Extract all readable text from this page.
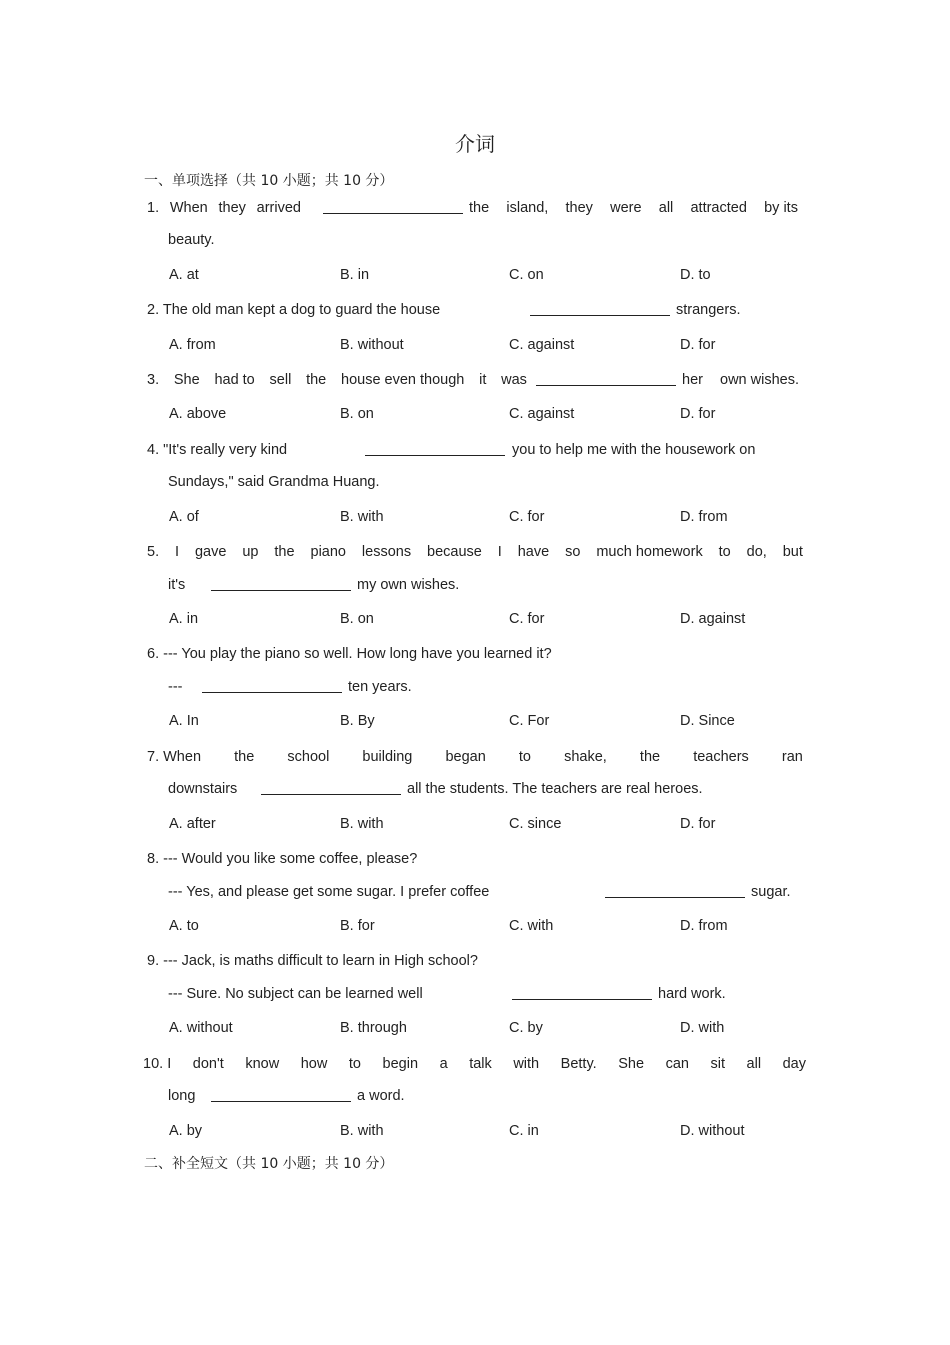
介词
一、单项选择（共 10 小题；共 10 分）
1. When they arrived	the island, they were all attracted by its
beauty.
A. at	B. in	C. on	D. to
2. The old man kept a dog to guard the house	strangers.
A. from	B. without	C. against	D. for
3. She had to sell the house even though it was	her own wishes.
A. above	B. on	C. against	D. for
4. "It's really very kind	you to help me with the housework on
Sundays," said Grandma Huang.
A. of	B. with	C. for	D. from
5. I gave up the piano lessons because I have so much homework to do, but
it's	my own wishes.
A. in	B. on	C. for	D. against
6. --- You play the piano so well. How long have you learned it?
---	ten years.
A. In	B. By	C. For	D. Since
7. When the school building began to shake, the teachers ran
downstairs	all the students. The teachers are real heroes.
A. after	B. with	C. since	D. for
8. --- Would you like some coffee, please?
--- Yes, and please get some sugar. I prefer coffee	sugar.
A. to	B. for	C. with	D. from
9. --- Jack, is maths difficult to learn in High school?
--- Sure. No subject can be learned well	hard work.
A. without	B. through	C. by	D. with
10. I don't know how to begin a talk with Betty. She can sit all day
long	a word.
A. by	B. with	C. in	D. without
二、补全短文（共 10 小题；共 10 分）
